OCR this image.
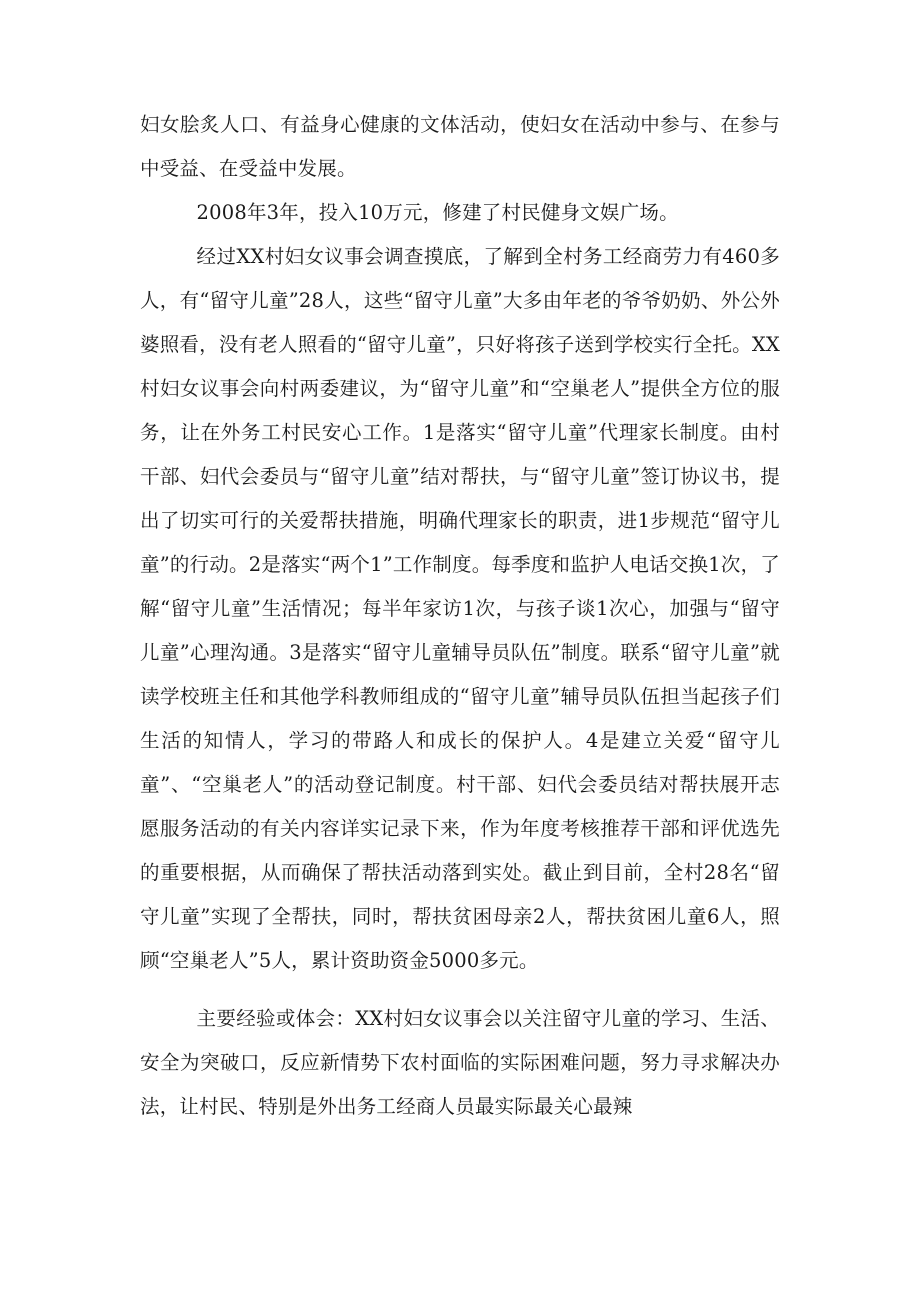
妇女脍炙人口、有益身心健康的文体活动，使妇女在活动中参与、在参与中受益、在受益中发展。

2008年3年，投入10万元，修建了村民健身文娱广场。

经过XX村妇女议事会调查摸底，了解到全村务工经商劳力有460多人，有“留守儿童”28人，这些“留守儿童”大多由年老的爷爷奶奶、外公外婆照看，没有老人照看的“留守儿童”，只好将孩子送到学校实行全托。XX村妇女议事会向村两委建议，为“留守儿童”和“空巢老人”提供全方位的服务，让在外务工村民安心工作。1是落实“留守儿童”代理家长制度。由村干部、妇代会委员与“留守儿童”结对帮扶，与“留守儿童”签订协议书，提出了切实可行的关爱帮扶措施，明确代理家长的职责，进1步规范“留守儿童”的行动。2是落实“两个1”工作制度。每季度和监护人电话交换1次，了解“留守儿童”生活情况；每半年家访1次，与孩子谈1次心，加强与“留守儿童”心理沟通。3是落实“留守儿童辅导员队伍”制度。联系“留守儿童”就读学校班主任和其他学科教师组成的“留守儿童”辅导员队伍担当起孩子们生活的知情人，学习的带路人和成长的保护人。4是建立关爱“留守儿童”、“空巢老人”的活动登记制度。村干部、妇代会委员结对帮扶展开志愿服务活动的有关内容详实记录下来，作为年度考核推荐干部和评优选先的重要根据，从而确保了帮扶活动落到实处。截止到目前，全村28名“留守儿童”实现了全帮扶，同时，帮扶贫困母亲2人，帮扶贫困儿童6人，照顾“空巢老人”5人，累计资助资金5000多元。

主要经验或体会：XX村妇女议事会以关注留守儿童的学习、生活、安全为突破口，反应新情势下农村面临的实际困难问题，努力寻求解决办法，让村民、特别是外出务工经商人员最实际最关心最辣
